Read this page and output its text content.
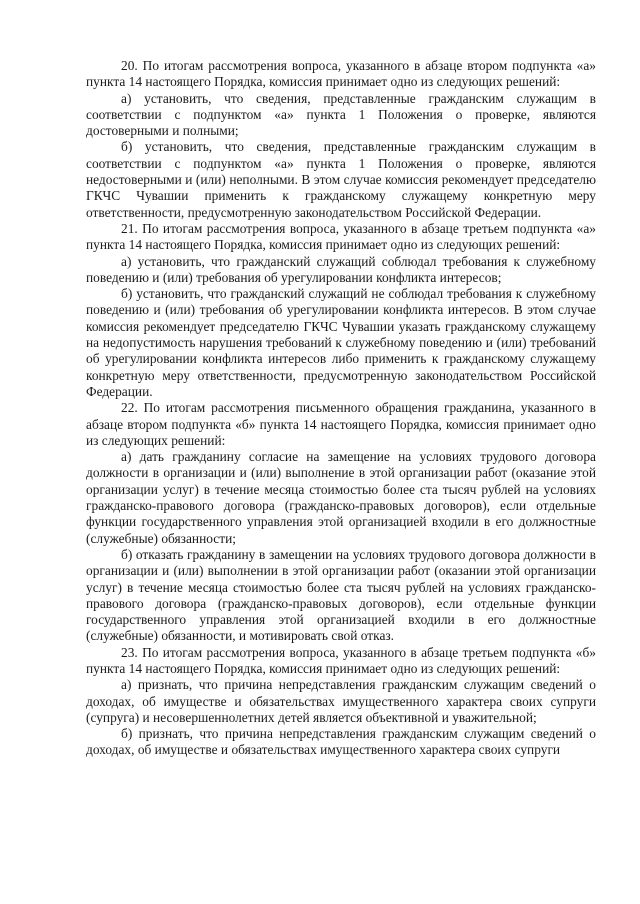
20. По итогам рассмотрения вопроса, указанного в абзаце втором подпункта «а» пункта 14 настоящего Порядка, комиссия принимает одно из следующих решений:

а) установить, что сведения, представленные гражданским служащим в соответствии с подпунктом «а» пункта 1 Положения о проверке, являются достоверными и полными;

б) установить, что сведения, представленные гражданским служащим в соответствии с подпунктом «а» пункта 1 Положения о проверке, являются недостоверными и (или) неполными. В этом случае комиссия рекомендует председателю ГКЧС Чувашии применить к гражданскому служащему конкретную меру ответственности, предусмотренную законодательством Российской Федерации.

21. По итогам рассмотрения вопроса, указанного в абзаце третьем подпункта «а» пункта 14 настоящего Порядка, комиссия принимает одно из следующих решений:

а) установить, что гражданский служащий соблюдал требования к служебному поведению и (или) требования об урегулировании конфликта интересов;

б) установить, что гражданский служащий не соблюдал требования к служебному поведению и (или) требования об урегулировании конфликта интересов. В этом случае комиссия рекомендует председателю ГКЧС Чувашии указать гражданскому служащему на недопустимость нарушения требований к служебному поведению и (или) требований об урегулировании конфликта интересов либо применить к гражданскому служащему конкретную меру ответственности, предусмотренную законодательством Российской Федерации.

22. По итогам рассмотрения письменного обращения гражданина, указанного в абзаце втором подпункта «б» пункта 14 настоящего Порядка, комиссия принимает одно из следующих решений:

а) дать гражданину согласие на замещение на условиях трудового договора должности в организации и (или) выполнение в этой организации работ (оказание этой организации услуг) в течение месяца стоимостью более ста тысяч рублей на условиях гражданско-правового договора (гражданско-правовых договоров), если отдельные функции государственного управления этой организацией входили в его должностные (служебные) обязанности;

б) отказать гражданину в замещении на условиях трудового договора должности в организации и (или) выполнении в этой организации работ (оказании этой организации услуг) в течение месяца стоимостью более ста тысяч рублей на условиях гражданско-правового договора (гражданско-правовых договоров), если отдельные функции государственного управления этой организацией входили в его должностные (служебные) обязанности, и мотивировать свой отказ.

23. По итогам рассмотрения вопроса, указанного в абзаце третьем подпункта «б» пункта 14 настоящего Порядка, комиссия принимает одно из следующих решений:

а) признать, что причина непредставления гражданским служащим сведений о доходах, об имуществе и обязательствах имущественного характера своих супруги (супруга) и несовершеннолетних детей является объективной и уважительной;

б) признать, что причина непредставления гражданским служащим сведений о доходах, об имуществе и обязательствах имущественного характера своих супруги
